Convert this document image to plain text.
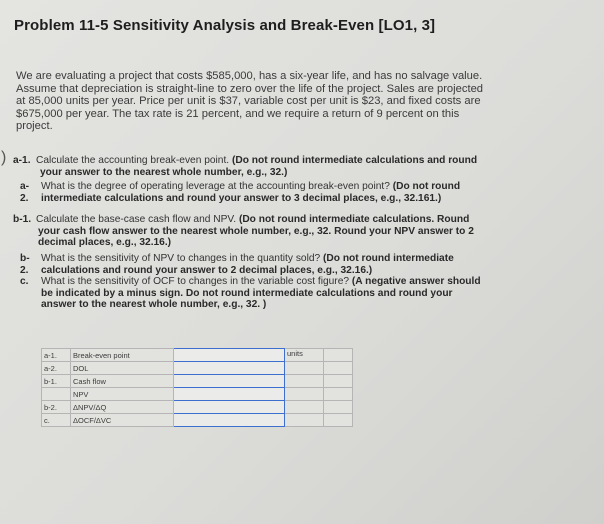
Problem 11-5 Sensitivity Analysis and Break-Even [LO1, 3]
We are evaluating a project that costs $585,000, has a six-year life, and has no salvage value. Assume that depreciation is straight-line to zero over the life of the project. Sales are projected at 85,000 units per year. Price per unit is $37, variable cost per unit is $23, and fixed costs are $675,000 per year. The tax rate is 21 percent, and we require a return of 9 percent on this project.
) a-1. Calculate the accounting break-even point. (Do not round intermediate calculations and round your answer to the nearest whole number, e.g., 32.)
a- 2.
What is the degree of operating leverage at the accounting break-even point? (Do not round intermediate calculations and round your answer to 3 decimal places, e.g., 32.161.)
b-1. Calculate the base-case cash flow and NPV. (Do not round intermediate calculations. Round your cash flow answer to the nearest whole number, e.g., 32. Round your NPV answer to 2 decimal places, e.g., 32.16.)
b- 2.
What is the sensitivity of NPV to changes in the quantity sold? (Do not round intermediate calculations and round your answer to 2 decimal places, e.g., 32.16.)
c.	What is the sensitivity of OCF to changes in the variable cost figure? (A negative answer should be indicated by a minus sign. Do not round intermediate calculations and round your answer to the nearest whole number, e.g., 32. )
a-1.	Break-even point		units	
a-2.	DOL			
b-1.	Cash flow			
	NPV			
b-2.	ΔNPV/ΔQ			
c.	ΔOCF/ΔVC			
